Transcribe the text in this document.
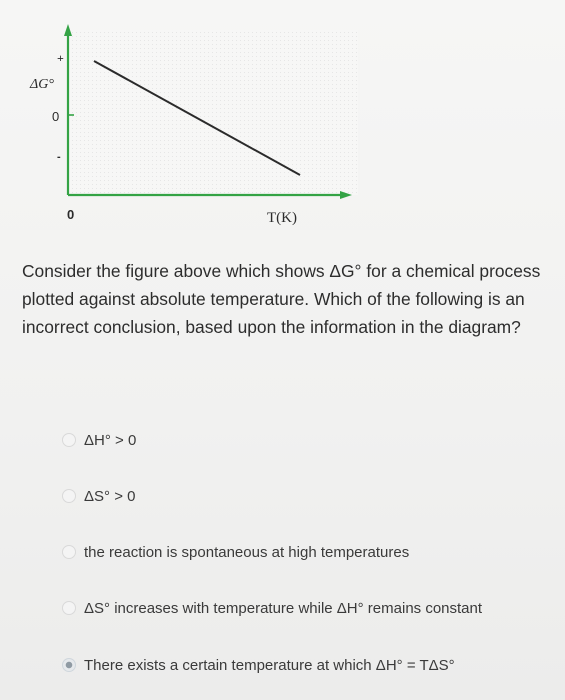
+
ΔG°
0
-
0	T(K)
Consider the figure above which shows ΔG° for a chemical process plotted against absolute temperature. Which of the following is an incorrect conclusion, based upon the information in the diagram?
ΔH° > 0
ΔS° > 0
the reaction is spontaneous at high temperatures
ΔS° increases with temperature while ΔH° remains constant
There exists a certain temperature at which ΔH° = TΔS°
